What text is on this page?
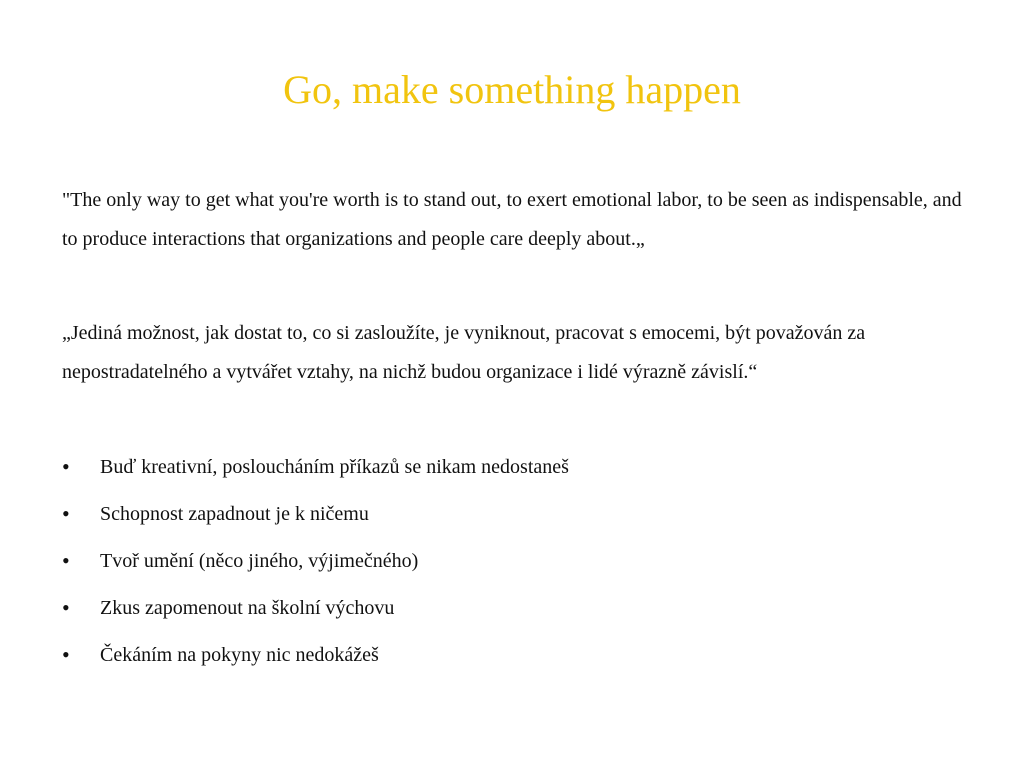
Go, make something happen

"The only way to get what you're worth is to stand out, to exert emotional labor, to be seen as indispensable, and to produce interactions that organizations and people care deeply about.„

„Jediná možnost, jak dostat to, co si zasloužíte, je vyniknout, pracovat s emocemi, být považován za nepostradatelného a vytvářet vztahy, na nichž budou organizace i lidé výrazně závislí.“

•	Buď kreativní, posloucháním příkazů se nikam nedostaneš
•	Schopnost zapadnout je k ničemu
•	Tvoř umění (něco jiného, výjimečného)
•	Zkus zapomenout na školní výchovu
•	Čekáním na pokyny nic nedokážeš
